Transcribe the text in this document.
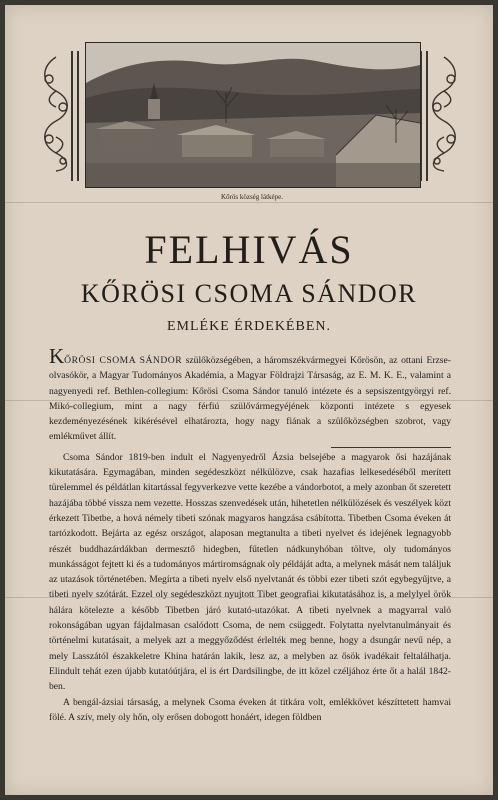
Kőrös község látképe.
FELHIVÁS
KŐRÖSI CSOMA SÁNDOR
EMLÉKE ÉRDEKÉBEN.

KŐRÖSI CSOMA SÁNDOR szülőközségében, a háromszékvármegyei Kőrösön, az ottani Erzse-olvasókör, a Magyar Tudományos Akadémia, a Magyar Földrajzi Társaság, az E. M. K. E., valamint a nagyenyedi ref. Bethlen-collegium: Kőrösi Csoma Sándor tanuló intézete és a sepsiszentgyörgyi ref. Mikó-collegium, mint a nagy férfiú szülővármegyéjének központi intézete s egyesek kezdeményezésének kikérésével elhatározta, hogy nagy fiának a szülőközségben szobrot, vagy emlékművet állít.

Csoma Sándor 1819-ben indult el Nagyenyedről Ázsia belsejébe a magyarok ősi hazájának kikutatására. Egymagában, minden segédeszközt nélkülözve, csak hazafias lelkesedéséből merített türelemmel és példátlan kitartással fegyverkezve vette kezébe a vándorbotot, a mely azonban őt szeretett hazájába többé vissza nem vezette. Hosszas szenvedések után, hihetetlen nélkülözések és veszélyek közt érkezett Tibetbe, a hová némely tibeti szónak magyaros hangzása csábította. Tibetben Csoma éveken át tartózkodott. Bejárta az egész országot, alaposan megtanulta a tibeti nyelvet és idejének legnagyobb részét buddhazárdákban dermesztő hidegben, fűtetlen nádkunyhóban töltve, oly tudományos munkásságot fejtett ki és a tudományos mártiromságnak oly példáját adta, a melynek mását nem találjuk az utazások történetében. Megírta a tibeti nyelv első nyelvtanát és többi ezer tibeti szót egybegyűjtve, a tibeti nyelv szótárát. Ezzel oly segédeszközt nyujtott Tibet geografiai kikutatásához is, a melylyel örök hálára kötelezte a később Tibetben járó kutató-utazókat. A tibeti nyelvnek a magyarral való rokonságában ugyan fájdalmasan csalódott Csoma, de nem csüggedt. Folytatta nyelvtanulmányait és történelmi kutatásait, a melyek azt a meggyőződést érlelték meg benne, hogy a dsungár nevű nép, a mely Lasszától északkeletre Khina határán lakik, lesz az, a melyben az ősök ivadékait feltalálhatja. Elindult tehát ezen újabb kutatóútjára, el is ért Dardsilingbe, de itt közel czéljához érte őt a halál 1842-ben.

A bengál-ázsiai társaság, a melynek Csoma éveken át titkára volt, emlékkövet készíttetett hamvai fölé. A szív, mely oly hőn, oly erősen dobogott honáért, idegen földben
